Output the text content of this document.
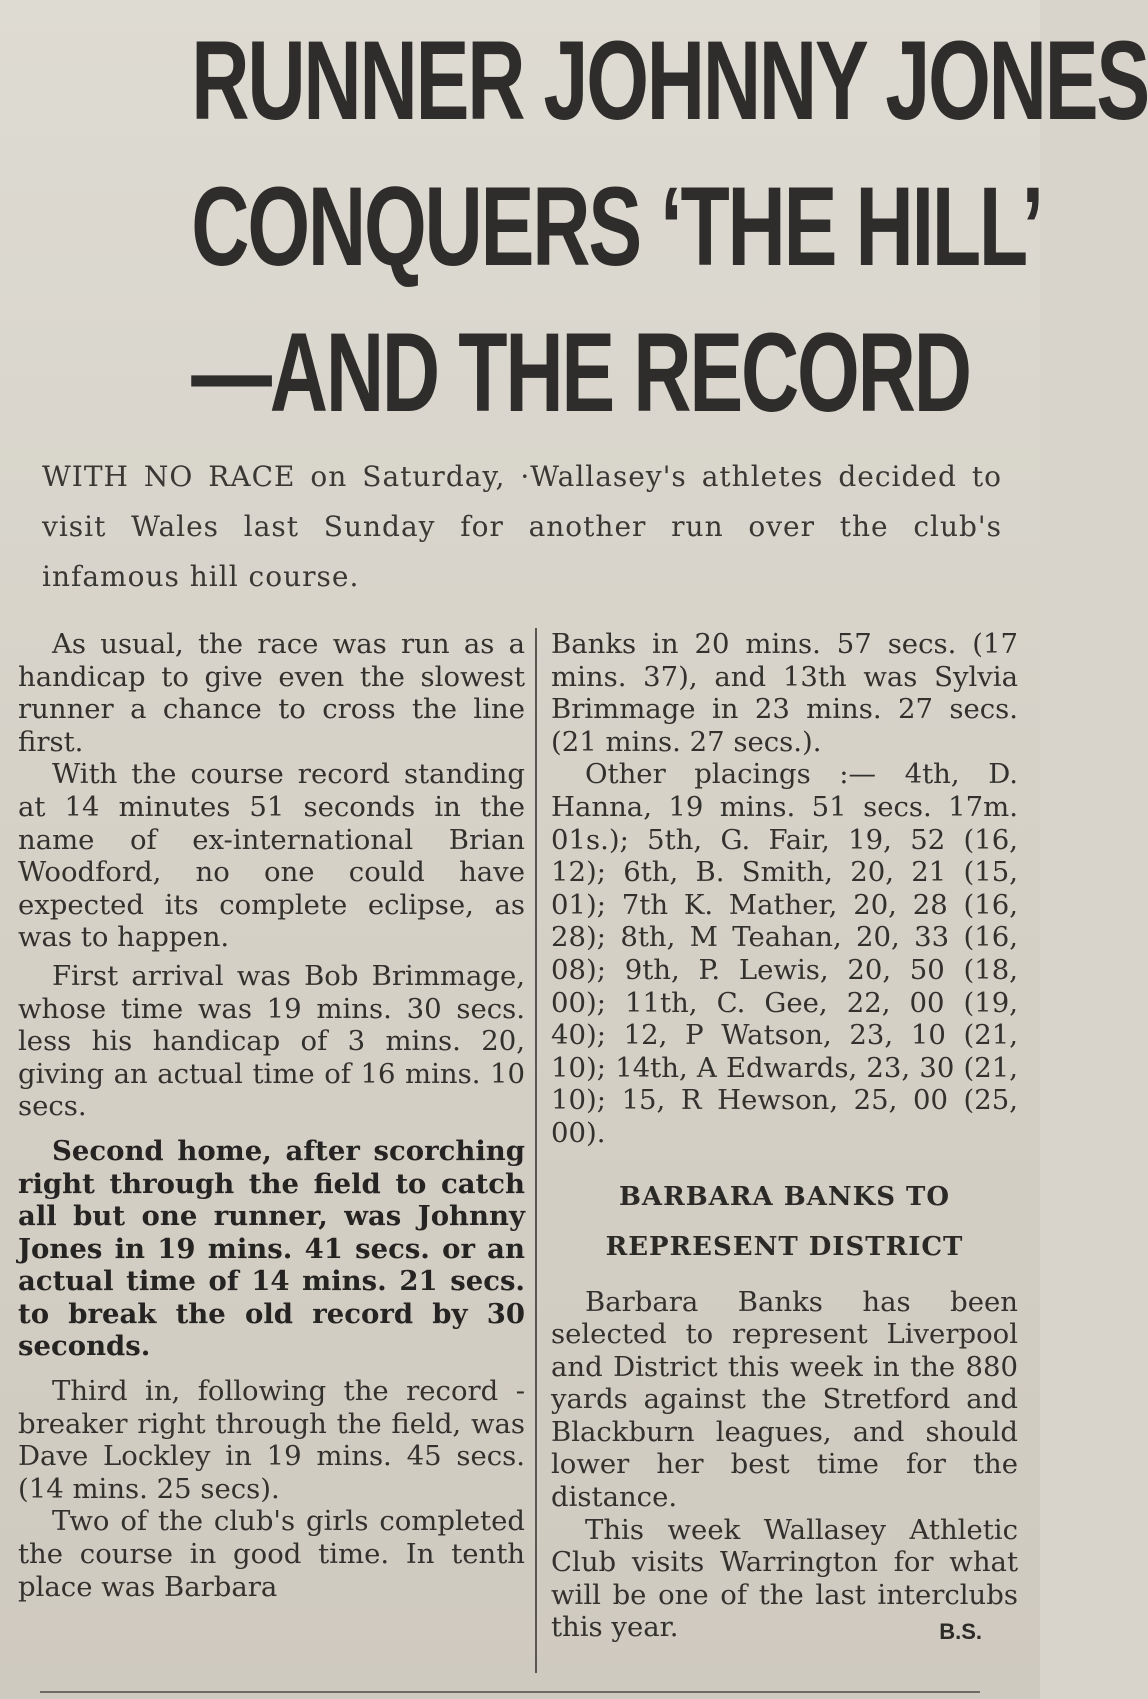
RUNNER JOHNNY JONES
CONQUERS ‘THE HILL’
—AND THE RECORD

WITH NO RACE on Saturday, ·Wallasey's athletes decided to visit Wales last Sunday for another run over the club's infamous hill course.

As usual, the race was run as a handicap to give even the slowest runner a chance to cross the line first.

With the course record standing at 14 minutes 51 seconds in the name of ex-international Brian Woodford, no one could have expected its complete eclipse, as was to happen.

First arrival was Bob Brimmage, whose time was 19 mins. 30 secs. less his handicap of 3 mins. 20, giving an actual time of 16 mins. 10 secs.

Second home, after scorching right through the field to catch all but one runner, was Johnny Jones in 19 mins. 41 secs. or an actual time of 14 mins. 21 secs. to break the old record by 30 seconds.

Third in, following the record - breaker right through the field, was Dave Lockley in 19 mins. 45 secs. (14 mins. 25 secs).

Two of the club's girls completed the course in good time. In tenth place was Barbara

Banks in 20 mins. 57 secs. (17 mins. 37), and 13th was Sylvia Brimmage in 23 mins. 27 secs. (21 mins. 27 secs.).

Other placings :— 4th, D. Hanna, 19 mins. 51 secs. 17m. 01s.); 5th, G. Fair, 19, 52 (16, 12); 6th, B. Smith, 20, 21 (15, 01); 7th K. Mather, 20, 28 (16, 28); 8th, M Teahan, 20, 33 (16, 08); 9th, P. Lewis, 20, 50 (18, 00); 11th, C. Gee, 22, 00 (19, 40); 12, P Watson, 23, 10 (21, 10); 14th, A Edwards, 23, 30 (21, 10); 15, R Hewson, 25, 00 (25, 00).

BARBARA BANKS TO
REPRESENT DISTRICT

Barbara Banks has been selected to represent Liverpool and District this week in the 880 yards against the Stretford and Blackburn leagues, and should lower her best time for the distance.

This week Wallasey Athletic Club visits Warrington for what will be one of the last interclubs this year.	B.S.
